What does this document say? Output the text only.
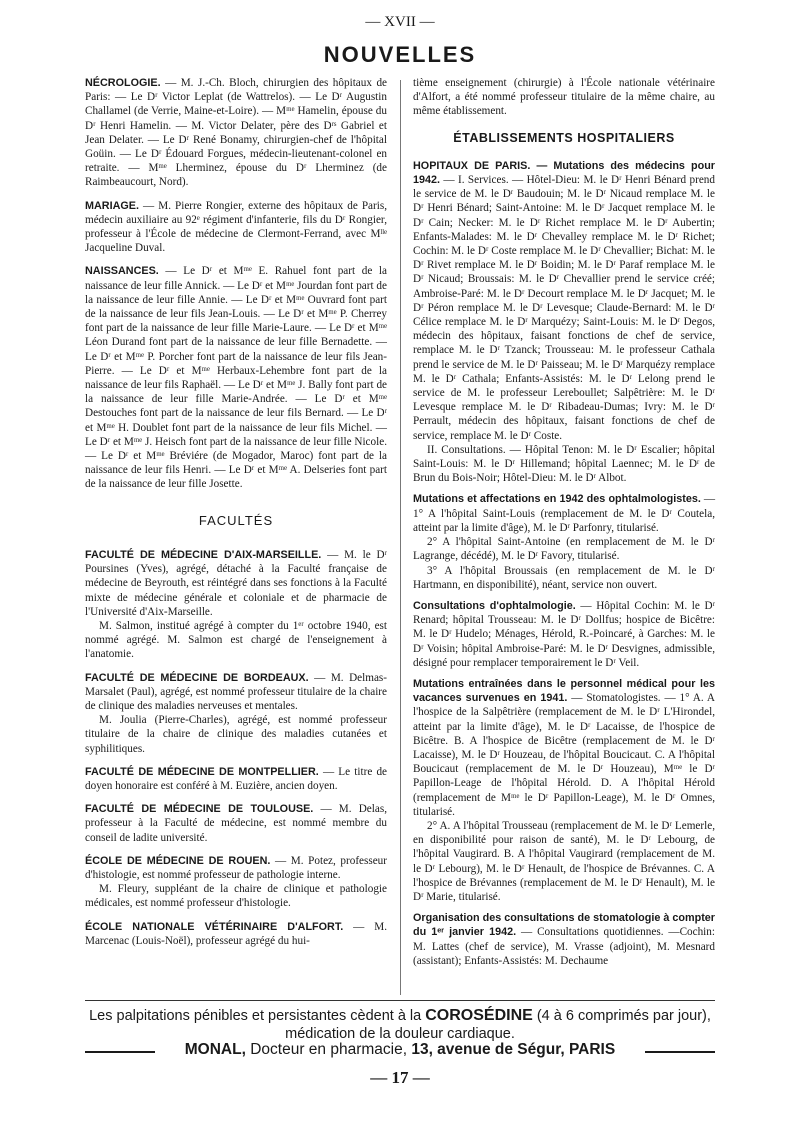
— XVII —
NOUVELLES

NÉCROLOGIE. — M. J.-Ch. Bloch, chirurgien des hôpitaux de Paris: — Le Dʳ Victor Leplat (de Wattrelos). — Le Dʳ Augustin Challamel (de Verrie, Maine-et-Loire). — Mᵐᵉ Hamelin, épouse du Dʳ Henri Hamelin. — M. Victor Delater, père des Dʳˢ Gabriel et Jean Delater. — Le Dʳ René Bonamy, chirurgien-chef de l'hôpital Goüin. — Le Dʳ Édouard Forgues, médecin-lieutenant-colonel en retraite. — Mᵐᵉ Lherminez, épouse du Dʳ Lherminez (de Raimbeaucourt, Nord).

MARIAGE. — M. Pierre Rongier, externe des hôpitaux de Paris, médecin auxiliaire au 92ᵉ régiment d'infanterie, fils du Dʳ Rongier, professeur à l'École de médecine de Clermont-Ferrand, avec Mˡˡᵉ Jacqueline Duval.

NAISSANCES. — Le Dʳ et Mᵐᵉ E. Rahuel font part de la naissance de leur fille Annick. — Le Dʳ et Mᵐᵉ Jourdan font part de la naissance de leur fille Annie. — Le Dʳ et Mᵐᵉ Ouvrard font part de la naissance de leur fils Jean-Louis. — Le Dʳ et Mᵐᵉ P. Cherrey font part de la naissance de leur fille Marie-Laure. — Le Dʳ et Mᵐᵉ Léon Durand font part de la naissance de leur fille Bernadette. — Le Dʳ et Mᵐᵉ P. Porcher font part de la naissance de leur fils Jean-Pierre. — Le Dʳ et Mᵐᵉ Herbaux-Lehembre font part de la naissance de leur fils Raphaël. — Le Dʳ et Mᵐᵉ J. Bally font part de la naissance de leur fille Marie-Andrée. — Le Dʳ et Mᵐᵉ Destouches font part de la naissance de leur fils Bernard. — Le Dʳ et Mᵐᵉ H. Doublet font part de la naissance de leur fils Michel. — Le Dʳ et Mᵐᵉ J. Heisch font part de la naissance de leur fille Nicole. — Le Dʳ et Mᵐᵉ Bréviére (de Mogador, Maroc) font part de la naissance de leur fils Henri. — Le Dʳ et Mᵐᵉ A. Delseries font part de la naissance de leur fille Josette.

FACULTÉS

FACULTÉ DE MÉDECINE D'AIX-MARSEILLE. — M. le Dʳ Poursines (Yves), agrégé, détaché à la Faculté française de médecine de Beyrouth, est réintégré dans ses fonctions à la Faculté mixte de médecine générale et coloniale et de pharmacie de l'Université d'Aix-Marseille.

M. Salmon, institué agrégé à compter du 1ᵉʳ octobre 1940, est nommé agrégé. M. Salmon est chargé de l'enseignement à l'anatomie.

FACULTÉ DE MÉDECINE DE BORDEAUX. — M. Delmas-Marsalet (Paul), agrégé, est nommé professeur titulaire de la chaire de clinique des maladies nerveuses et mentales.

M. Joulia (Pierre-Charles), agrégé, est nommé professeur titulaire de la chaire de clinique des maladies cutanées et syphilitiques.

FACULTÉ DE MÉDECINE DE MONTPELLIER. — Le titre de doyen honoraire est conféré à M. Euzière, ancien doyen.

FACULTÉ DE MÉDECINE DE TOULOUSE. — M. Delas, professeur à la Faculté de médecine, est nommé membre du conseil de ladite université.

ÉCOLE DE MÉDECINE DE ROUEN. — M. Potez, professeur d'histologie, est nommé professeur de pathologie interne.

M. Fleury, suppléant de la chaire de clinique et pathologie médicales, est nommé professeur d'histologie.

ÉCOLE NATIONALE VÉTÉRINAIRE D'ALFORT. — M. Marcenac (Louis-Noël), professeur agrégé du hui-

tième enseignement (chirurgie) à l'École nationale vétérinaire d'Alfort, a été nommé professeur titulaire de la même chaire, au même établissement.

ÉTABLISSEMENTS HOSPITALIERS

HOPITAUX DE PARIS. — Mutations des médecins pour 1942. — I. Services. — Hôtel-Dieu: M. le Dʳ Henri Bénard prend le service de M. le Dʳ Baudouin; M. le Dʳ Nicaud remplace M. le Dʳ Henri Bénard; Saint-Antoine: M. le Dʳ Jacquet remplace M. le Dʳ Cain; Necker: M. le Dʳ Richet remplace M. le Dʳ Aubertin; Enfants-Malades: M. le Dʳ Chevalley remplace M. le Dʳ Richet; Cochin: M. le Dʳ Coste remplace M. le Dʳ Chevallier; Bichat: M. le Dʳ Rivet remplace M. le Dʳ Boidin; M. le Dʳ Paraf remplace M. le Dʳ Nicaud; Broussais: M. le Dʳ Chevallier prend le service créé; Ambroise-Paré: M. le Dʳ Decourt remplace M. le Dʳ Jacquet; M. le Dʳ Péron remplace M. le Dʳ Levesque; Claude-Bernard: M. le Dʳ Célice remplace M. le Dʳ Marquézy; Saint-Louis: M. le Dʳ Degos, médecin des hôpitaux, faisant fonctions de chef de service, remplace M. le Dʳ Tzanck; Trousseau: M. le professeur Cathala prend le service de M. le Dʳ Paisseau; M. le Dʳ Marquézy remplace M. le Dʳ Cathala; Enfants-Assistés: M. le Dʳ Lelong prend le service de M. le professeur Lereboullet; Salpêtrière: M. le Dʳ Levesque remplace M. le Dʳ Ribadeau-Dumas; Ivry: M. le Dʳ Perrault, médecin des hôpitaux, faisant fonctions de chef de service, remplace M. le Dʳ Coste.

II. Consultations. — Hôpital Tenon: M. le Dʳ Escalier; hôpital Saint-Louis: M. le Dʳ Hillemand; hôpital Laennec; M. le Dʳ de Brun du Bois-Noir; Hôtel-Dieu: M. le Dʳ Albot.

Mutations et affectations en 1942 des ophtalmologistes. — 1° A l'hôpital Saint-Louis (remplacement de M. le Dʳ Coutela, atteint par la limite d'âge), M. le Dʳ Parfonry, titularisé.

2° A l'hôpital Saint-Antoine (en remplacement de M. le Dʳ Lagrange, décédé), M. le Dʳ Favory, titularisé.

3° A l'hôpital Broussais (en remplacement de M. le Dʳ Hartmann, en disponibilité), néant, service non ouvert.

Consultations d'ophtalmologie. — Hôpital Cochin: M. le Dʳ Renard; hôpital Trousseau: M. le Dʳ Dollfus; hospice de Bicêtre: M. le Dʳ Hudelo; Ménages, Hérold, R.-Poincaré, à Garches: M. le Dʳ Voisin; hôpital Ambroise-Paré: M. le Dʳ Desvignes, admissible, désigné pour remplacer temporairement le Dʳ Veil.

Mutations entraînées dans le personnel médical pour les vacances survenues en 1941. — Stomatologistes. — 1° A. A l'hospice de la Salpêtrière (remplacement de M. le Dʳ L'Hirondel, atteint par la limite d'âge), M. le Dʳ Lacaisse, de l'hospice de Bicêtre. B. A l'hospice de Bicêtre (remplacement de M. le Dʳ Lacaisse), M. le Dʳ Houzeau, de l'hôpital Boucicaut. C. A l'hôpital Boucicaut (remplacement de M. le Dʳ Houzeau), Mᵐᵉ le Dʳ Papillon-Leage de l'hôpital Hérold. D. A l'hôpital Hérold (remplacement de Mᵐᵉ le Dʳ Papillon-Leage), M. le Dʳ Omnes, titularisé.

2° A. A l'hôpital Trousseau (remplacement de M. le Dʳ Lemerle, en disponibilité pour raison de santé), M. le Dʳ Lebourg, de l'hôpital Vaugirard. B. A l'hôpital Vaugirard (remplacement de M. le Dʳ Lebourg), M. le Dʳ Henault, de l'hospice de Brévannes. C. A l'hospice de Brévannes (remplacement de M. le Dʳ Henault), M. le Dʳ Marie, titularisé.

Organisation des consultations de stomatologie à compter du 1ᵉʳ janvier 1942. — Consultations quotidiennes. —Cochin: M. Lattes (chef de service), M. Vrasse (adjoint), M. Mesnard (assistant); Enfants-Assistés: M. Dechaume

Les palpitations pénibles et persistantes cèdent à la COROSÉDINE (4 à 6 comprimés par jour),
médication de la douleur cardiaque.
MONAL, Docteur en pharmacie, 13, avenue de Ségur, PARIS
— 17 —
